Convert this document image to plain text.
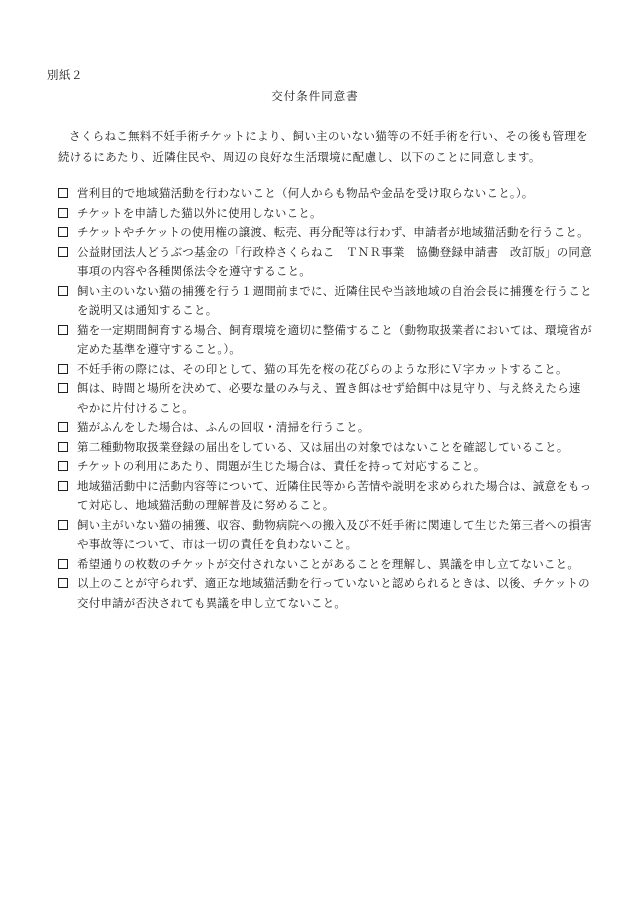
別紙２
交付条件同意書
さくらねこ無料不妊手術チケットにより、飼い主のいない猫等の不妊手術を行い、その後も管理を続けるにあたり、近隣住民や、周辺の良好な生活環境に配慮し、以下のことに同意します。
営利目的で地域猫活動を行わないこと（何人からも物品や金品を受け取らないこと。）。
チケットを申請した猫以外に使用しないこと。
チケットやチケットの使用権の譲渡、転売、再分配等は行わず、申請者が地域猫活動を行うこと。
公益財団法人どうぶつ基金の「行政枠さくらねこ　ＴＮＲ事業　協働登録申請書　改訂版」の同意事項の内容や各種関係法令を遵守すること。
飼い主のいない猫の捕獲を行う１週間前までに、近隣住民や当該地域の自治会長に捕獲を行うことを説明又は通知すること。
猫を一定期間飼育する場合、飼育環境を適切に整備すること（動物取扱業者においては、環境省が定めた基準を遵守すること。）。
不妊手術の際には、その印として、猫の耳先を桜の花びらのような形にＶ字カットすること。
餌は、時間と場所を決めて、必要な量のみ与え、置き餌はせず給餌中は見守り、与え終えたら速やかに片付けること。
猫がふんをした場合は、ふんの回収・清掃を行うこと。
第二種動物取扱業登録の届出をしている、又は届出の対象ではないことを確認していること。
チケットの利用にあたり、問題が生じた場合は、責任を持って対応すること。
地域猫活動中に活動内容等について、近隣住民等から苦情や説明を求められた場合は、誠意をもって対応し、地域猫活動の理解普及に努めること。
飼い主がいない猫の捕獲、収容、動物病院への搬入及び不妊手術に関連して生じた第三者への損害や事故等について、市は一切の責任を負わないこと。
希望通りの枚数のチケットが交付されないことがあることを理解し、異議を申し立てないこと。
以上のことが守られず、適正な地域猫活動を行っていないと認められるときは、以後、チケットの交付申請が否決されても異議を申し立てないこと。
